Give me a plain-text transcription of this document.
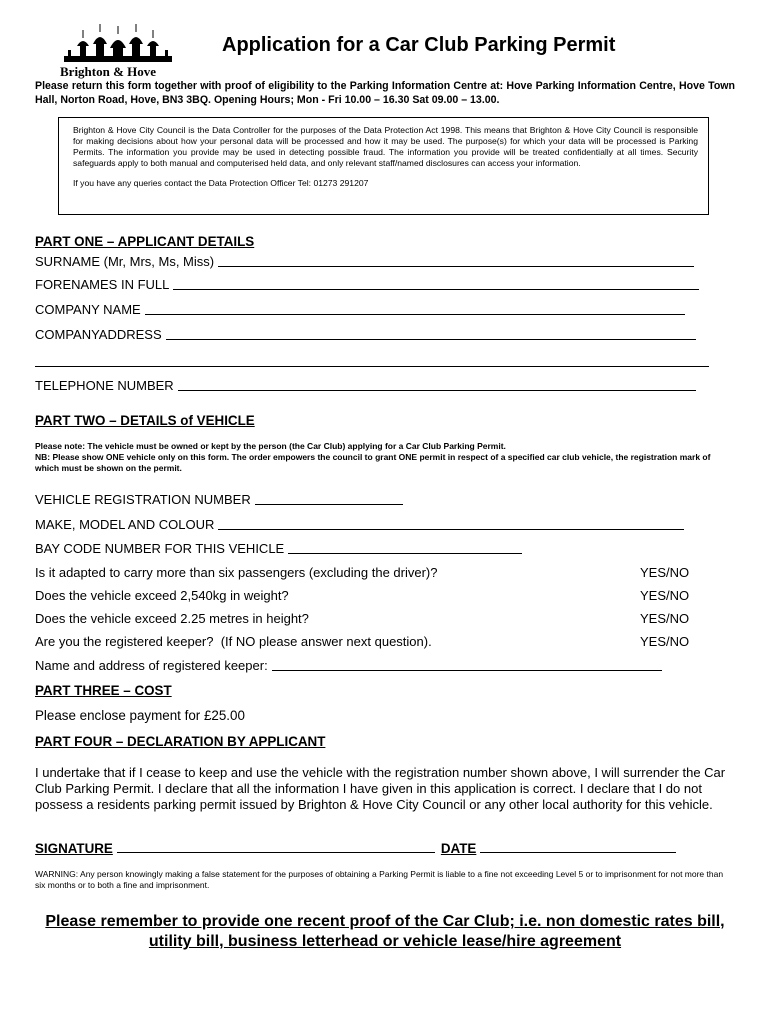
Brighton & Hove
Application for a Car Club Parking Permit
Please return this form together with proof of eligibility to the Parking Information Centre at: Hove Parking Information Centre, Hove Town Hall, Norton Road, Hove, BN3 3BQ. Opening Hours; Mon - Fri 10.00 – 16.30 Sat 09.00 – 13.00.
Brighton & Hove City Council is the Data Controller for the purposes of the Data Protection Act 1998. This means that Brighton & Hove City Council is responsible for making decisions about how your personal data will be processed and how it may be used. The purpose(s) for which your data will be processed is Parking Permits. The information you provide may be used in detecting possible fraud. The information you provide will be treated confidentially at all times. Security safeguards apply to both manual and computerised held data, and only relevant staff/named disclosures can access your information.
If you have any queries contact the Data Protection Officer Tel: 01273 291207
PART ONE – APPLICANT DETAILS
SURNAME (Mr, Mrs, Ms, Miss)
FORENAMES IN FULL
COMPANY NAME
COMPANYADDRESS
TELEPHONE NUMBER
PART TWO – DETAILS of VEHICLE
Please note: The vehicle must be owned or kept by the person (the Car Club) applying for a Car Club Parking Permit.
NB: Please show ONE vehicle only on this form. The order empowers the council to grant ONE permit in respect of a specified car club vehicle, the registration mark of which must be shown on the permit.
VEHICLE REGISTRATION NUMBER
MAKE, MODEL AND COLOUR
BAY CODE NUMBER FOR THIS VEHICLE
Is it adapted to carry more than six passengers (excluding the driver)?	YES/NO
Does the vehicle exceed 2,540kg in weight?	YES/NO
Does the vehicle exceed 2.25 metres in height?	YES/NO
Are you the registered keeper?  (If NO please answer next question).	YES/NO
Name and address of registered keeper:
PART THREE – COST
Please enclose payment for £25.00
PART FOUR – DECLARATION BY APPLICANT
I undertake that if I cease to keep and use the vehicle with the registration number shown above, I will surrender the Car Club Parking Permit. I declare that all the information I have given in this application is correct. I declare that I do not possess a residents parking permit issued by Brighton & Hove City Council or any other local authority for this vehicle.
SIGNATURE	DATE
WARNING: Any person knowingly making a false statement for the purposes of obtaining a Parking Permit is liable to a fine not exceeding Level 5 or to imprisonment for not more than six months or to both a fine and imprisonment.
Please remember to provide one recent proof of the Car Club; i.e. non domestic rates bill, utility bill, business letterhead or vehicle lease/hire agreement
